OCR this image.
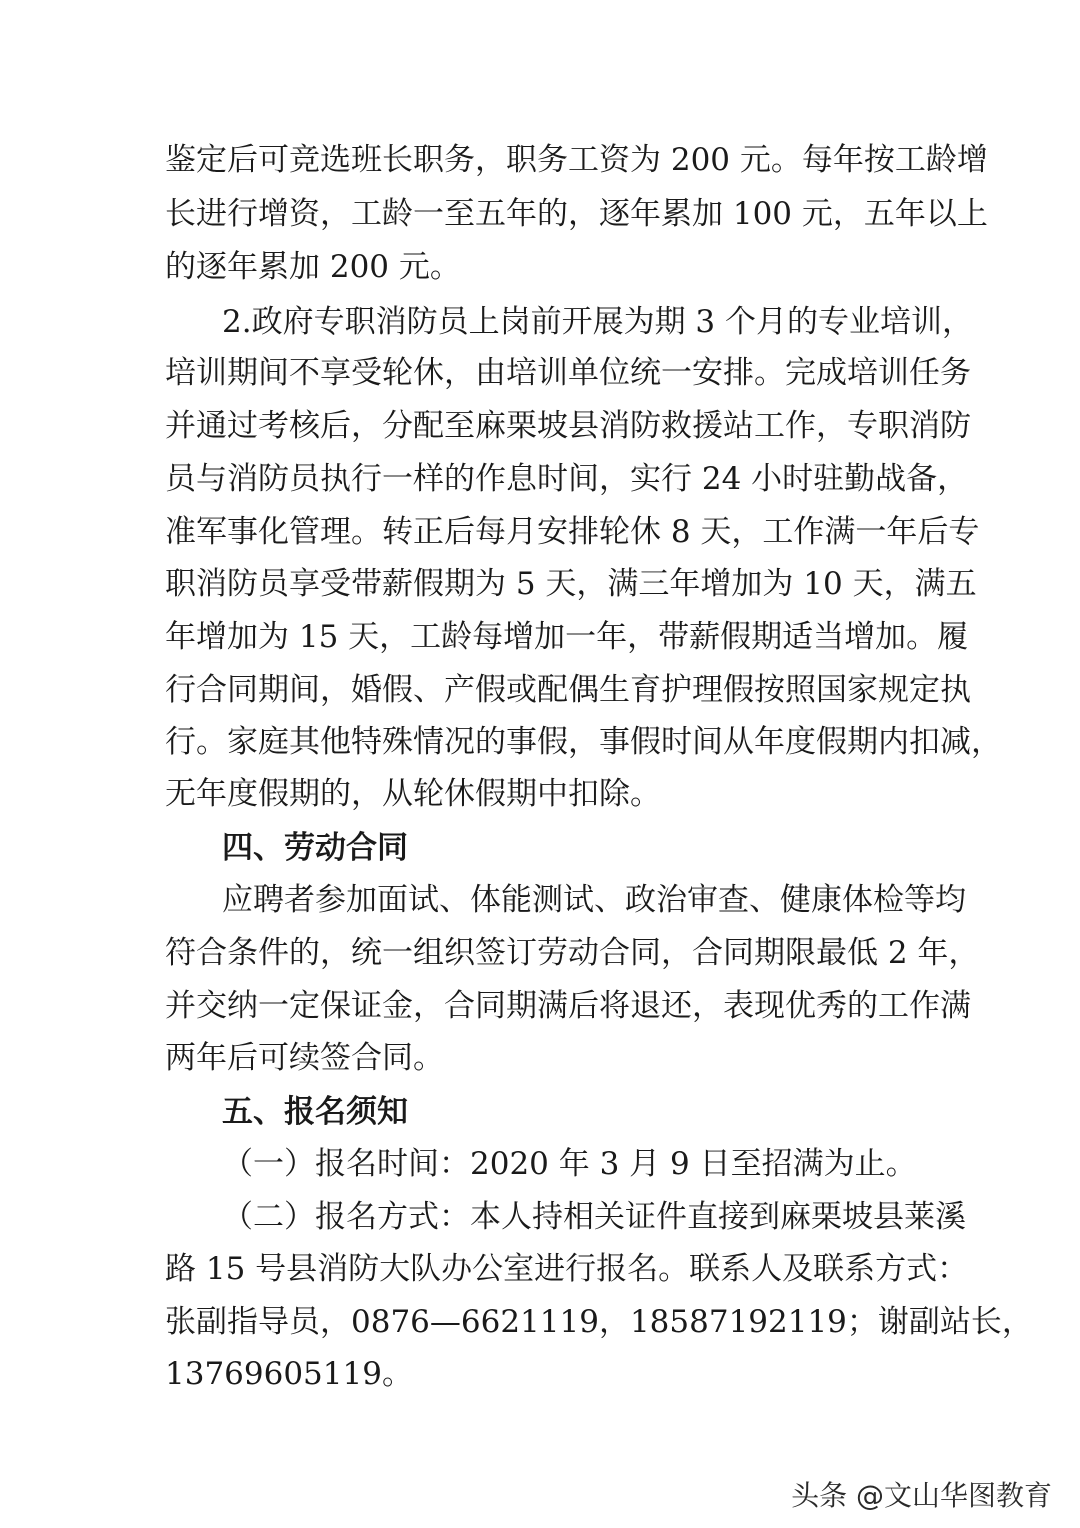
鉴定后可竞选班长职务，职务工资为 200 元。每年按工龄增
长进行增资，工龄一至五年的，逐年累加 100 元，五年以上
的逐年累加 200 元。
2.政府专职消防员上岗前开展为期 3 个月的专业培训，
培训期间不享受轮休，由培训单位统一安排。完成培训任务
并通过考核后，分配至麻栗坡县消防救援站工作，专职消防
员与消防员执行一样的作息时间，实行 24 小时驻勤战备，
准军事化管理。转正后每月安排轮休 8 天，工作满一年后专
职消防员享受带薪假期为 5 天，满三年增加为 10 天，满五
年增加为 15 天，工龄每增加一年，带薪假期适当增加。履
行合同期间，婚假、产假或配偶生育护理假按照国家规定执
行。家庭其他特殊情况的事假，事假时间从年度假期内扣减，
无年度假期的，从轮休假期中扣除。
四、劳动合同
应聘者参加面试、体能测试、政治审查、健康体检等均
符合条件的，统一组织签订劳动合同，合同期限最低 2 年，
并交纳一定保证金，合同期满后将退还，表现优秀的工作满
两年后可续签合同。
五、报名须知
（一）报名时间：2020 年 3 月 9 日至招满为止。
（二）报名方式：本人持相关证件直接到麻栗坡县莱溪
路 15 号县消防大队办公室进行报名。联系人及联系方式：
张副指导员，0876—6621119，18587192119；谢副站长，
13769605119。
头条 @文山华图教育
